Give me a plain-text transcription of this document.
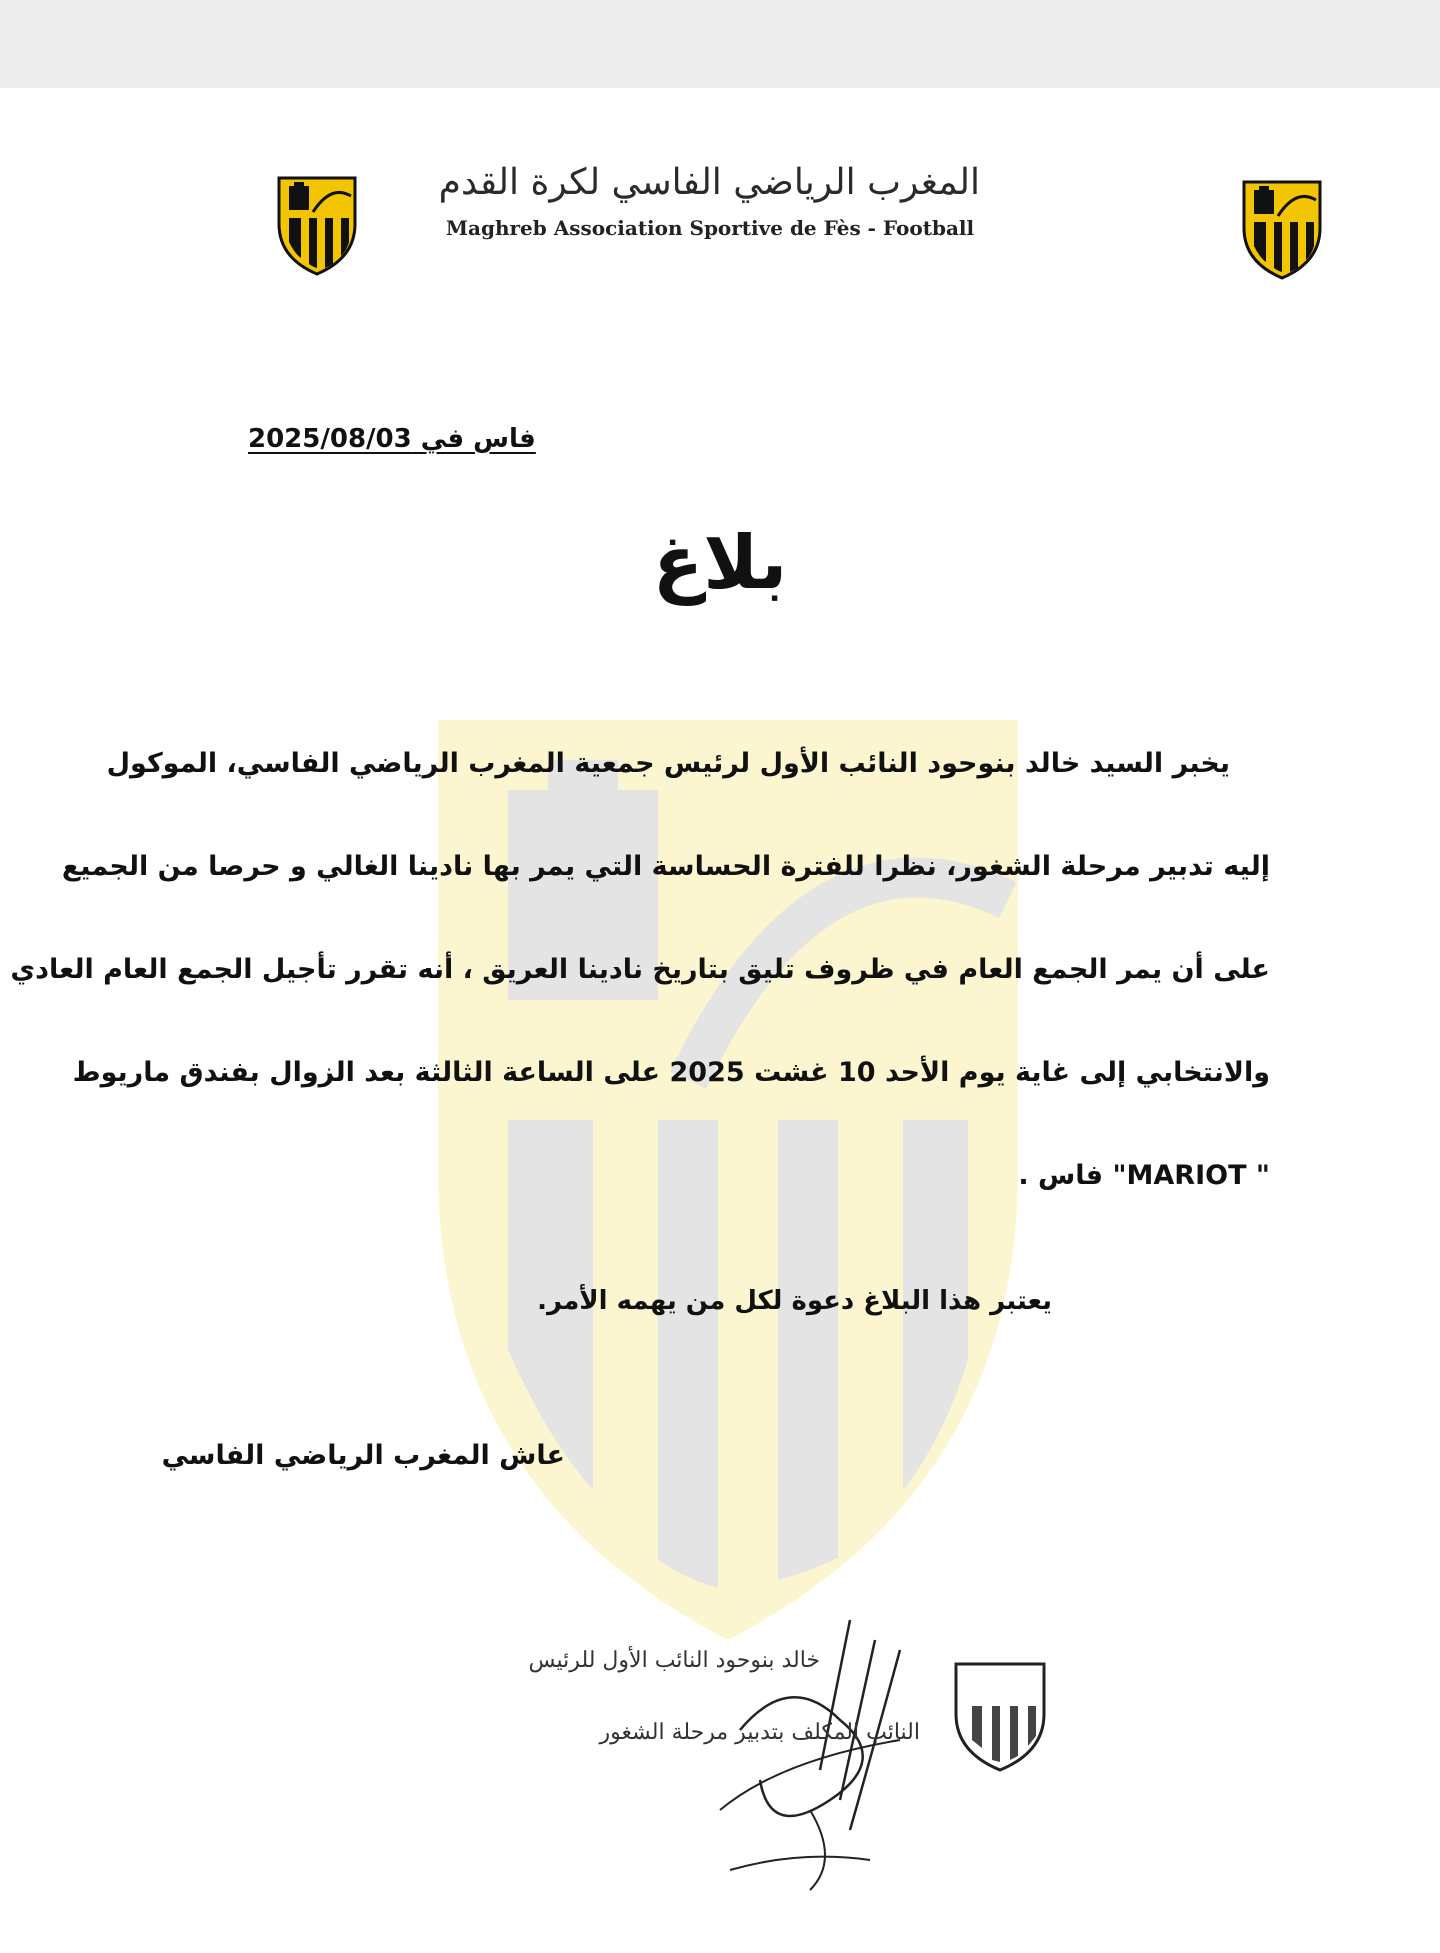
المغرب الرياضي الفاسي لكرة القدم
Maghreb Association Sportive de Fès - Football
فاس في 2025/08/03
بلاغ
يخبر السيد خالد بنوحود النائب الأول لرئيس جمعية المغرب الرياضي الفاسي، الموكول
إليه تدبير مرحلة الشغور، نظرا للفترة الحساسة التي يمر بها نادينا الغالي و حرصا من الجميع
على أن يمر الجمع العام في ظروف تليق بتاريخ نادينا العريق ، أنه تقرر تأجيل الجمع العام العادي
والانتخابي إلى غاية يوم الأحد 10 غشت 2025 على الساعة الثالثة بعد الزوال بفندق ماريوط
" MARIOT" فاس .
يعتبر هذا البلاغ دعوة لكل من يهمه الأمر.
عاش المغرب الرياضي الفاسي
خالد بنوحود النائب الأول للرئيس
النائب المكلف بتدبير مرحلة الشغور
